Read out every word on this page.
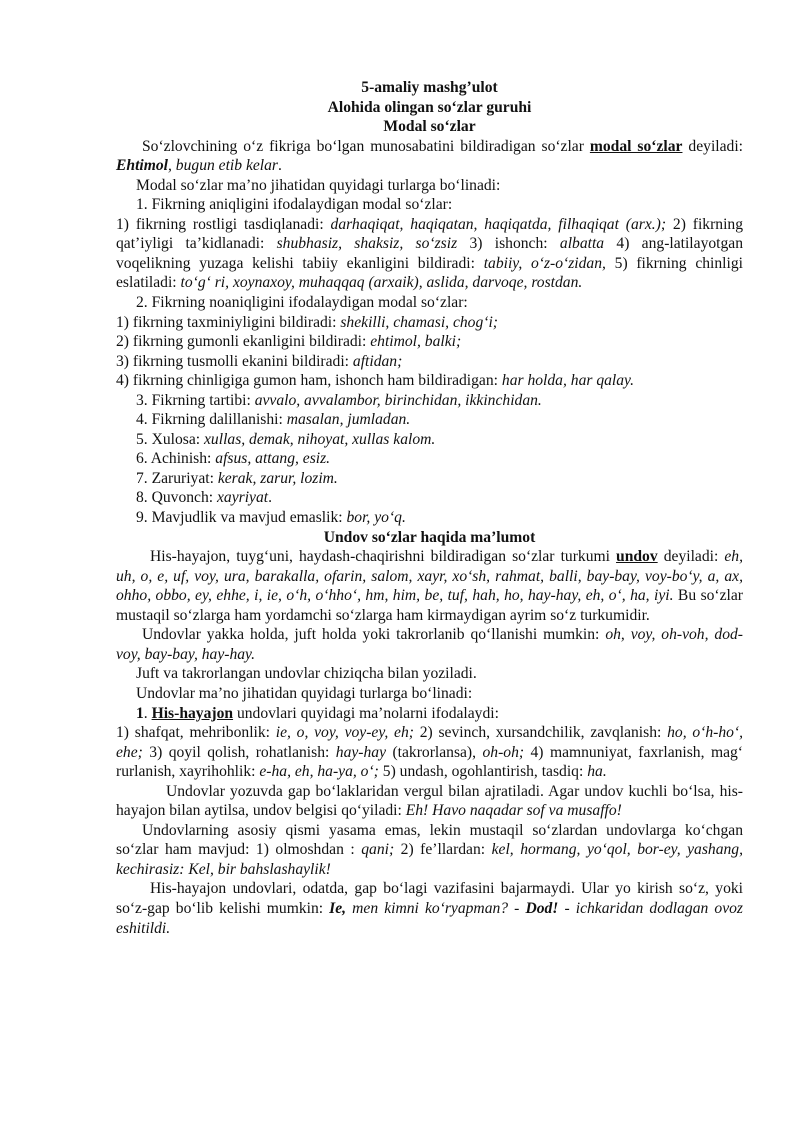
5-amaliy mashg’ulot
Alohida olingan so‘zlar guruhi
Modal so‘zlar

So‘zlovchining o‘z fikriga bo‘lgan munosabatini bildiradigan so‘zlar modal so‘zlar deyiladi: Ehtimol, bugun etib kelar.

Modal so‘zlar ma’no jihatidan quyidagi turlarga bo‘linadi:

1. Fikrning aniqligini ifodalaydigan modal so‘zlar:

1) fikrning rostligi tasdiqlanadi: darhaqiqat, haqiqatan, haqiqatda, filhaqiqat (arx.); 2) fikrning qat’iyligi ta’kidlanadi: shubhasiz, shaksiz, so‘zsiz 3) ishonch: albatta 4) ang-latilayotgan voqelikning yuzaga kelishi tabiiy ekanligini bildiradi: tabiiy, o‘z-o‘zidan, 5) fikrning chinligi eslatiladi: to‘g‘ ri, xoynaxoy, muhaqqaq (arxaik), aslida, darvoqe, rostdan.

2. Fikrning noaniqligini ifodalaydigan modal so‘zlar:

1) fikrning taxminiyligini bildiradi: shekilli, chamasi, chog‘i;

2) fikrning gumonli ekanligini bildiradi: ehtimol, balki;

3) fikrning tusmolli ekanini bildiradi: aftidan;

4) fikrning chinligiga gumon ham, ishonch ham bildiradigan: har holda, har qalay.

3. Fikrning tartibi: avvalo, avvalambor, birinchidan, ikkinchidan.

4. Fikrning dalillanishi: masalan, jumladan.

5. Xulosa: xullas, demak, nihoyat, xullas kalom.

6. Achinish: afsus, attang, esiz.

7. Zaruriyat: kerak, zarur, lozim.

8. Quvonch: xayriyat.

9. Mavjudlik va mavjud emaslik: bor, yo‘q.

Undov so‘zlar haqida ma’lumot

His-hayajon, tuyg‘uni, haydash-chaqirishni bildiradigan so‘zlar turkumi undov deyiladi: eh, uh, o, e, uf, voy, ura, barakalla, ofarin, salom, xayr, xo‘sh, rahmat, balli, bay-bay, voy-bo‘y, a, ax, ohho, obbo, ey, ehhe, i, ie, o‘h, o‘hho‘, hm, him, be, tuf, hah, ho, hay-hay, eh, o‘, ha, iyi. Bu so‘zlar mustaqil so‘zlarga ham yordamchi so‘zlarga ham kirmaydigan ayrim so‘z turkumidir.

Undovlar yakka holda, juft holda yoki takrorlanib qo‘llanishi mumkin: oh, voy, oh-voh, dod-voy, bay-bay, hay-hay.

Juft va takrorlangan undovlar chiziqcha bilan yoziladi.

Undovlar ma’no jihatidan quyidagi turlarga bo‘linadi:

1. His-hayajon undovlari quyidagi ma’nolarni ifodalaydi:

1) shafqat, mehribonlik: ie, o, voy, voy-ey, eh; 2) sevinch, xursandchilik, zavqlanish: ho, o‘h-ho‘, ehe; 3) qoyil qolish, rohatlanish: hay-hay (takrorlansa), oh-oh; 4) mamnuniyat, faxrlanish, mag‘ rurlanish, xayrihohlik: e-ha, eh, ha-ya, o‘; 5) undash, ogohlantirish, tasdiq: ha.

Undovlar yozuvda gap bo‘laklaridan vergul bilan ajratiladi. Agar undov kuchli bo‘lsa, his-hayajon bilan aytilsa, undov belgisi qo‘yiladi: Eh! Havo naqadar sof va musaffo!

Undovlarning asosiy qismi yasama emas, lekin mustaqil so‘zlardan undovlarga ko‘chgan so‘zlar ham mavjud: 1) olmoshdan : qani; 2) fe’llardan: kel, hormang, yo‘qol, bor-ey, yashang, kechirasiz: Kel, bir bahslashaylik!

His-hayajon undovlari, odatda, gap bo‘lagi vazifasini bajarmaydi. Ular yo kirish so‘z, yoki so‘z-gap bo‘lib kelishi mumkin: Ie, men kimni ko‘ryapman? - Dod! - ichkaridan dodlagan ovoz eshitildi.
